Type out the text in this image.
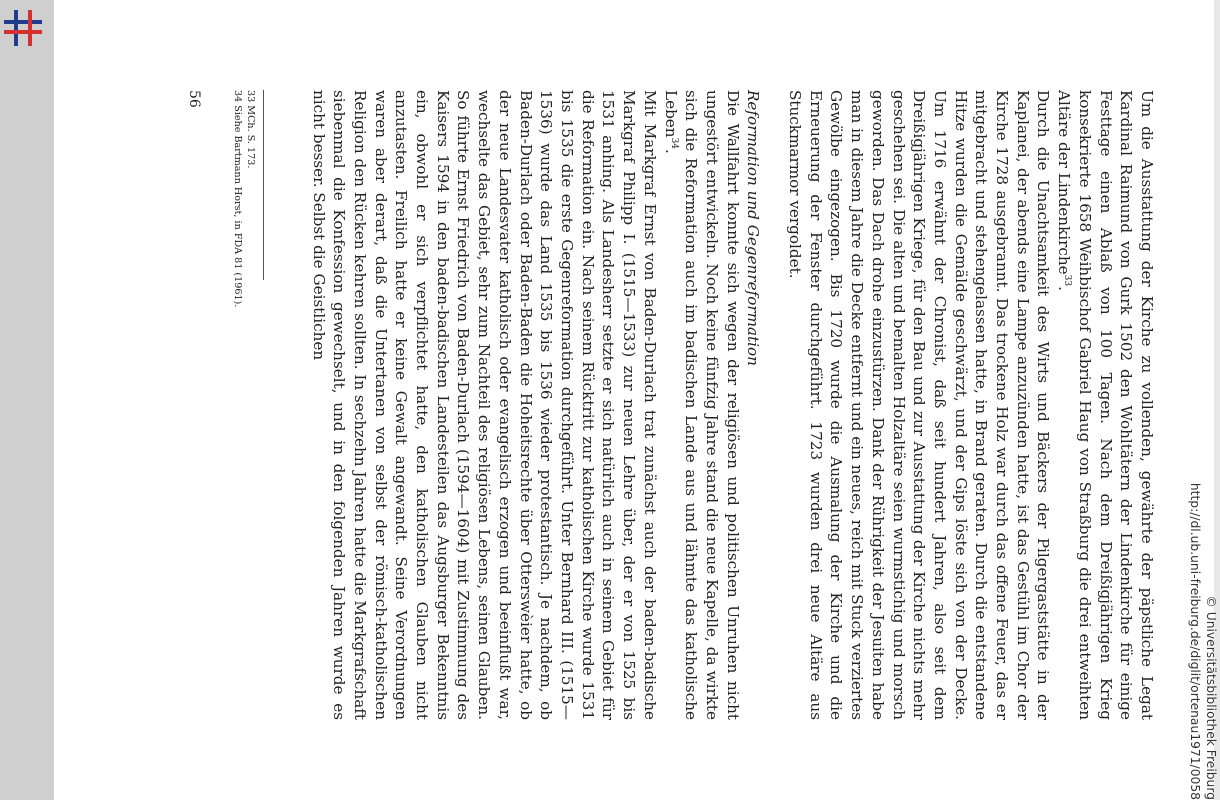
Um die Ausstattung der Kirche zu vollenden, gewährte der päpstliche Legat Kardinal Raimund von Gurk 1502 den Wohltätern der Lindenkirche für einige Festtage einen Ablaß von 100 Tagen. Nach dem Dreißigjährigen Krieg konsekrierte 1658 Weihbischof Gabriel Haug von Straßburg die drei entweihten Altäre der Lindenkirche$^{33}$.

Durch die Unachtsamkeit des Wirts und Bäckers der Pilgergaststätte in der Kaplanei, der abends eine Lampe anzuzünden hatte, ist das Gestühl im Chor der Kirche 1728 ausgebrannt. Das trockene Holz war durch das offene Feuer, das er mitgebracht und stehengelassen hatte, in Brand geraten. Durch die entstandene Hitze wurden die Gemälde geschwärzt, und der Gips löste sich von der Decke. Um 1716 erwähnt der Chronist, daß seit hundert Jahren, also seit dem Dreißigjährigen Kriege, für den Bau und zur Ausstattung der Kirche nichts mehr geschehen sei. Die alten und bemalten Holzaltäre seien wurmstichig und morsch geworden. Das Dach drohe einzustürzen. Dank der Rührigkeit der Jesuiten habe man in diesem Jahre die Decke entfernt und ein neues, reich mit Stuck verziertes Gewölbe eingezogen. Bis 1720 wurde die Ausmalung der Kirche und die Erneuerung der Fenster durchgeführt. 1723 wurden drei neue Altäre aus Stuckmarmor vergoldet.

Reformation und Gegenreformation

Die Wallfahrt konnte sich wegen der religiösen und politischen Unruhen nicht ungestört entwickeln. Noch keine fünfzig Jahre stand die neue Kapelle, da wirkte sich die Reformation auch im badischen Lande aus und lähmte das katholische Leben$^{34}$.

Mit Markgraf Ernst von Baden-Durlach trat zunächst auch der baden-badische Markgraf Philipp I. (1515—1533) zur neuen Lehre über, der er von 1525 bis 1531 anhing. Als Landesherr setzte er sich natürlich auch in seinem Gebiet für die Reformation ein. Nach seinem Rücktritt zur katholischen Kirche wurde 1531 bis 1535 die erste Gegenreformation durchgeführt. Unter Bernhard III. (1515—1536) wurde das Land 1535 bis 1536 wieder protestantisch. Je nachdem, ob Baden-Durlach oder Baden-Baden die Hoheitsrechte über Otterswèier hatte, ob der neue Landesvater katholisch oder evangelisch erzogen und beeinflußt war, wechselte das Gebiet, sehr zum Nachteil des religiösen Lebens, seinen Glauben. So führte Ernst Friedrich von Baden-Durlach (1594—1604) mit Zustimmung des Kaisers 1594 in den baden-badischen Landesteilen das Augsburger Bekenntnis ein, obwohl er sich verpflichtet hatte, den katholischen Glauben nicht anzutasten. Freilich hatte er keine Gewalt angewandt. Seine Verordnungen waren aber derart, daß die Untertanen von selbst der römisch-katholischen Religion den Rücken kehren sollten. In sechzehn Jahren hatte die Markgrafschaft siebenmal die Konfession gewechselt, und in den folgenden Jahren wurde es nicht besser. Selbst die Geistlichen

33 MCh. S. 173.

34 Siehe Bartmann Horst, in FDA 81 (1961).

56
http://dl.ub.uni-freiburg.de/diglit/ortenau1971/0058 © Universitätsbibliothek Freiburg
